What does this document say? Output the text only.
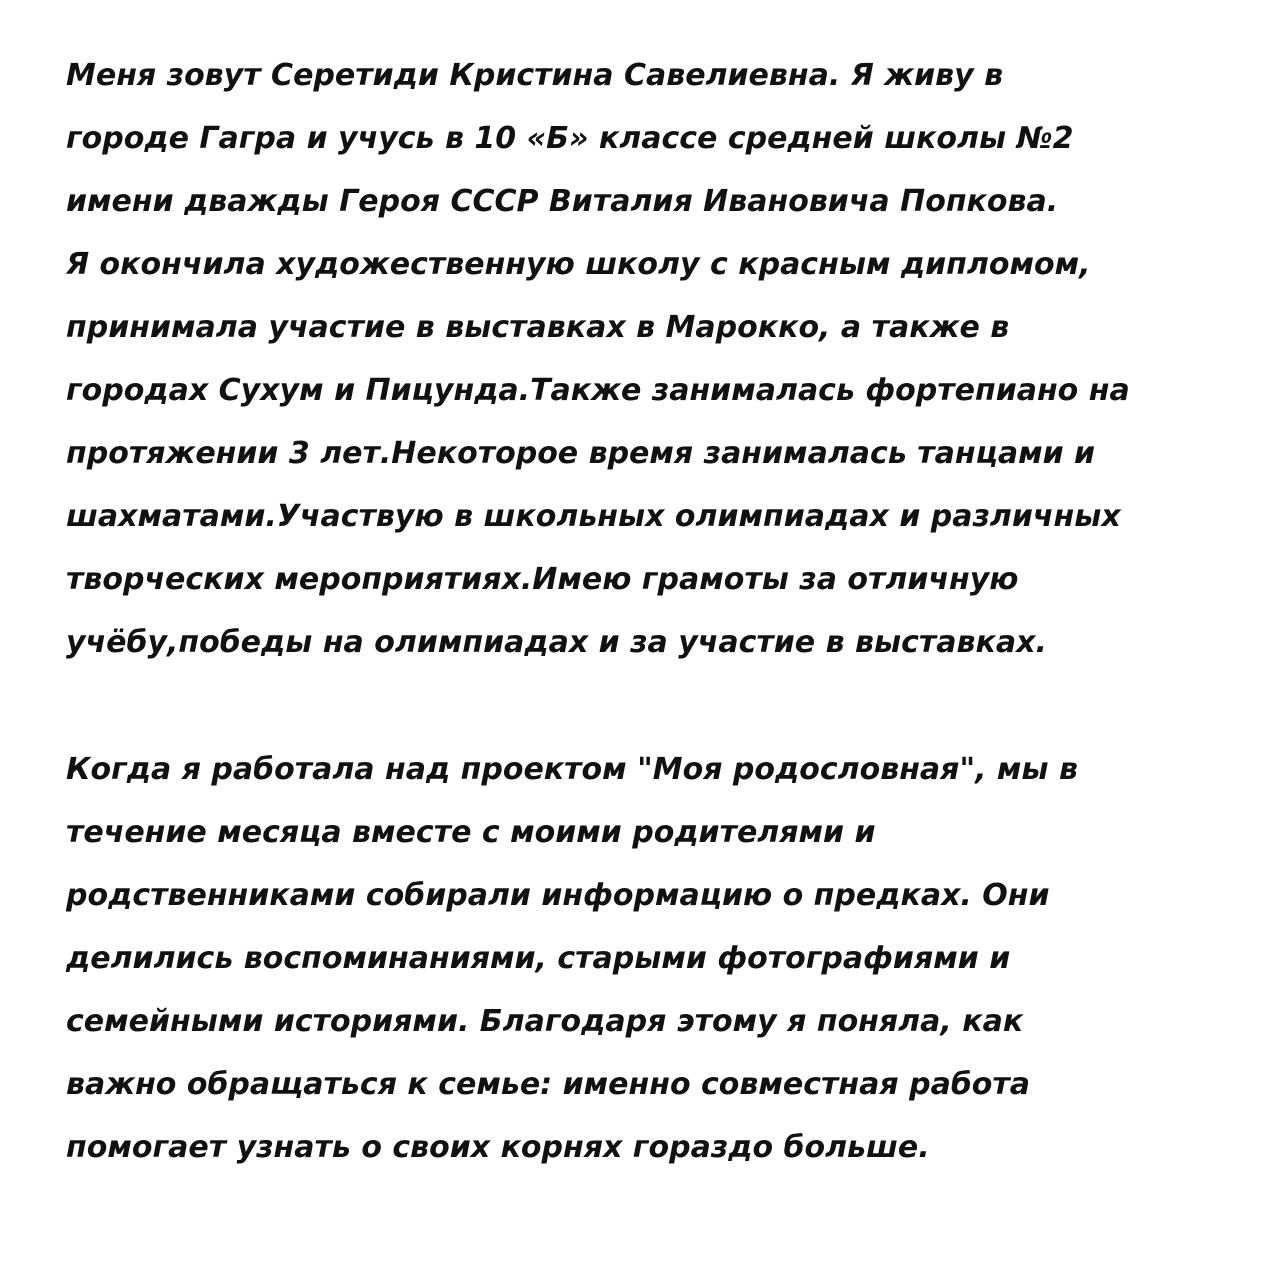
Меня зовут Серетиди Кристина Савелиевна. Я живу в
городе Гагра и учусь в 10 «Б» классе средней школы №2
имени дважды Героя СССР Виталия Ивановича Попкова.
Я окончила художественную школу с красным дипломом,
принимала участие в выставках в Марокко, а также в
городах Сухум и Пицунда.Также занималась фортепиано на
протяжении 3 лет.Некоторое время занималась танцами и
шахматами.Участвую в школьных олимпиадах и различных
творческих мероприятиях.Имею грамоты за отличную
учёбу,победы на олимпиадах и за участие в выставках.

Когда я работала над проектом "Моя родословная", мы в
течение месяца вместе с моими родителями и
родственниками собирали информацию о предках. Они
делились воспоминаниями, старыми фотографиями и
семейными историями. Благодаря этому я поняла, как
важно обращаться к семье: именно совместная работа
помогает узнать о своих корнях гораздо больше.
